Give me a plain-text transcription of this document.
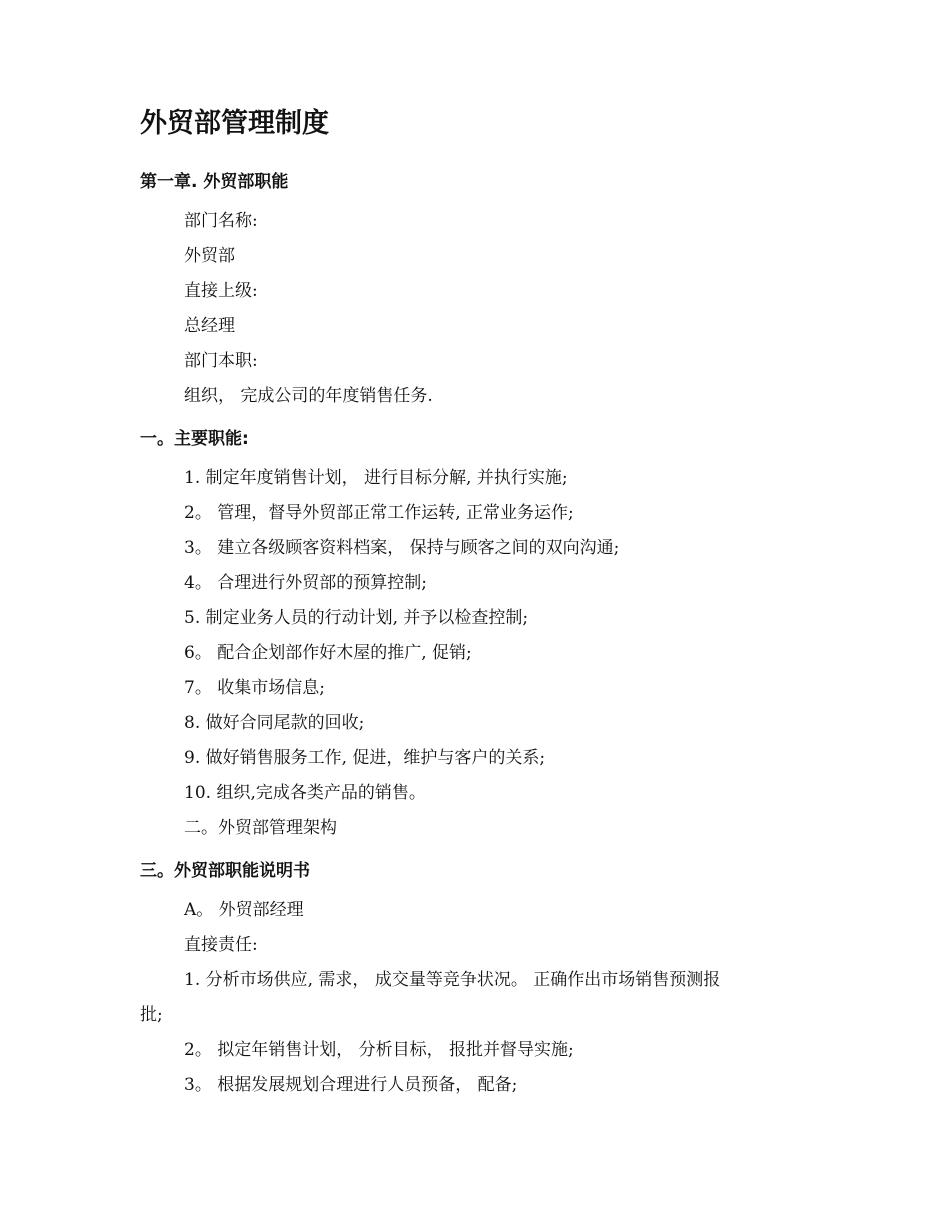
外贸部管理制度
第一章. 外贸部职能

部门名称:

外贸部

直接上级:

总经理

部门本职:

组织， 完成公司的年度销售任务.

一。主要职能:

1. 制定年度销售计划， 进行目标分解, 并执行实施;

2。 管理，督导外贸部正常工作运转, 正常业务运作;

3。 建立各级顾客资料档案， 保持与顾客之间的双向沟通;

4。 合理进行外贸部的预算控制;

5. 制定业务人员的行动计划, 并予以检查控制;

6。 配合企划部作好木屋的推广, 促销;

7。 收集市场信息;

8. 做好合同尾款的回收;

9. 做好销售服务工作, 促进，维护与客户的关系;

10. 组织,完成各类产品的销售。

二。外贸部管理架构

三。外贸部职能说明书

A。 外贸部经理

直接责任:

1. 分析市场供应, 需求， 成交量等竞争状况。 正确作出市场销售预测报

批;

2。 拟定年销售计划， 分析目标， 报批并督导实施;

3。 根据发展规划合理进行人员预备， 配备;
